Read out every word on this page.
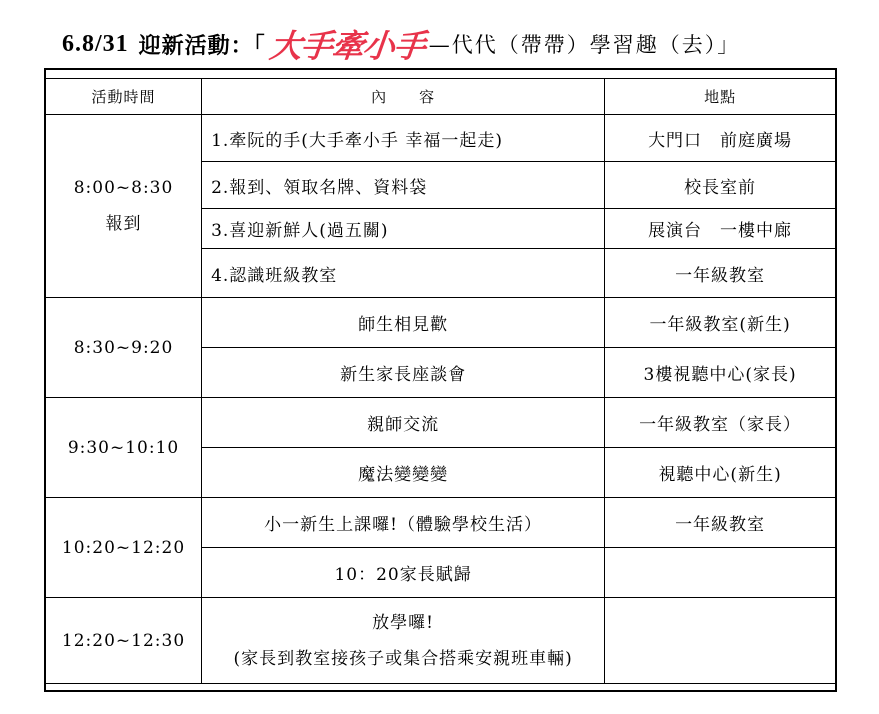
6.8/31 迎新活動：「 大手牽小手 —代代（帶帶）學習趣（去）」
活動時間	內　　容	地點

8:00~8:30
報到	1.牽阮的手(大手牽小手 幸福一起走)	大門口　前庭廣場
	2.報到、領取名牌、資料袋	校長室前
	3.喜迎新鮮人(過五關)	展演台　一樓中廊
	4.認識班級教室	一年級教室
8:30~9:20	師生相見歡	一年級教室(新生)
	新生家長座談會	3樓視聽中心(家長)
9:30~10:10	親師交流	一年級教室（家長）
	魔法變變變	視聽中心(新生)
10:20~12:20	小一新生上課囉!（體驗學校生活）	一年級教室
	10：20家長賦歸	
12:20~12:30	放學囉!
(家長到教室接孩子或集合搭乘安親班車輛)	
